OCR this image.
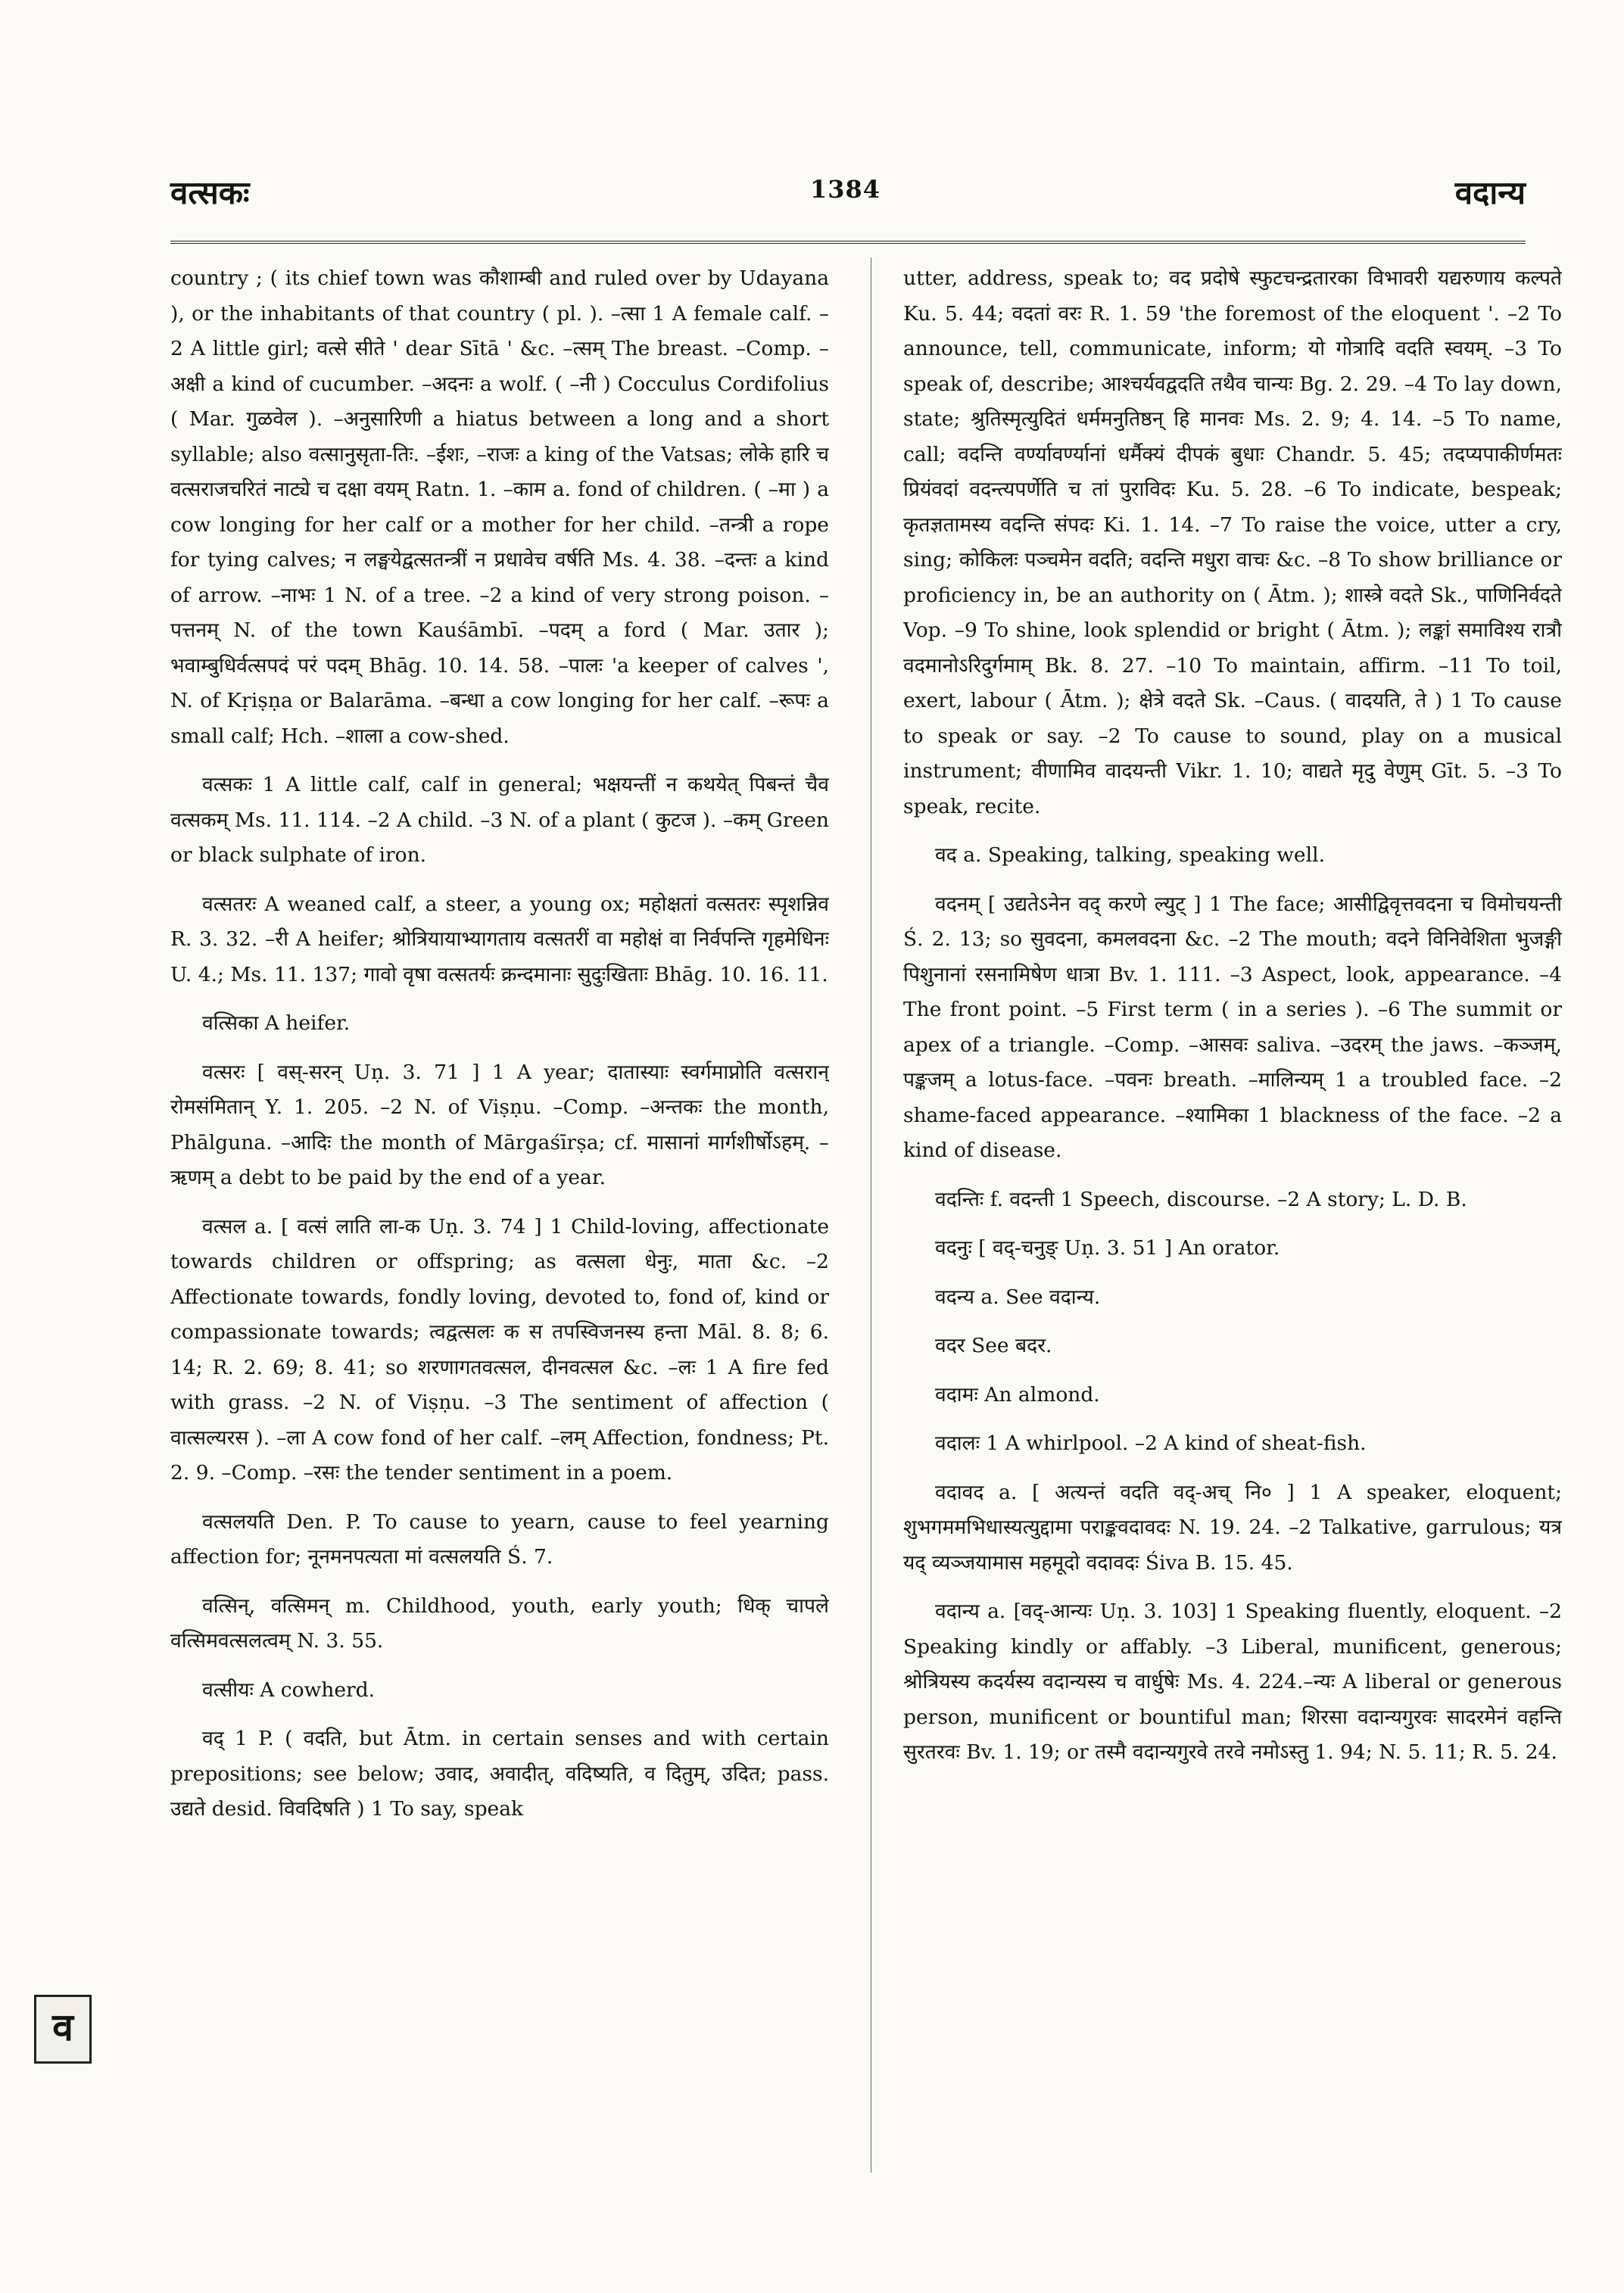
वत्सकः	1384	वदान्य

country ; ( its chief town was कौशाम्बी and ruled over by Udayana ), or the inhabitants of that country ( pl. ). –त्सा 1 A female calf. –2 A little girl; वत्से सीते ' dear Sītā ' &c. –त्सम् The breast. –Comp. –अक्षी a kind of cucumber. –अदनः a wolf. ( –नी ) Cocculus Cordifolius ( Mar. गुळवेल ). –अनुसारिणी a hiatus between a long and a short syllable; also वत्सानुसृता-तिः. –ईशः, –राजः a king of the Vatsas; लोके हारि च वत्सराजचरितं नाट्ये च दक्षा वयम् Ratn. 1. –काम a. fond of children. ( –मा ) a cow longing for her calf or a mother for her child. –तन्त्री a rope for tying calves; न लङ्घयेद्वत्सतन्त्रीं न प्रधावेच वर्षति Ms. 4. 38. –दन्तः a kind of arrow. –नाभः 1 N. of a tree. –2 a kind of very strong poison. –पत्तनम् N. of the town Kauśāmbī. –पदम् a ford ( Mar. उतार ); भवाम्बुधिर्वत्सपदं परं पदम् Bhāg. 10. 14. 58. –पालः 'a keeper of calves ', N. of Kṛiṣṇa or Balarāma. –बन्धा a cow longing for her calf. –रूपः a small calf; Hch. –शाला a cow-shed.

वत्सकः 1 A little calf, calf in general; भक्षयन्तीं न कथयेत् पिबन्तं चैव वत्सकम् Ms. 11. 114. –2 A child. –3 N. of a plant ( कुटज ). –कम् Green or black sulphate of iron.

वत्सतरः A weaned calf, a steer, a young ox; महोक्षतां वत्सतरः स्पृशन्निव R. 3. 32. –री A heifer; श्रोत्रियायाभ्यागताय वत्सतरीं वा महोक्षं वा निर्वपन्ति गृहमेधिनः U. 4.; Ms. 11. 137; गावो वृषा वत्सतर्यः क्रन्दमानाः सुदुःखिताः Bhāg. 10. 16. 11.

वत्सिका A heifer.

वत्सरः [ वस्-सरन् Uṇ. 3. 71 ] 1 A year; दातास्याः स्वर्गमाप्नोति वत्सरान् रोमसंमितान् Y. 1. 205. –2 N. of Viṣṇu. –Comp. –अन्तकः the month, Phālguna. –आदिः the month of Mārgaśīrṣa; cf. मासानां मार्गशीर्षोऽहम्. –ऋणम् a debt to be paid by the end of a year.

वत्सल a. [ वत्सं लाति ला-क Uṇ. 3. 74 ] 1 Child-loving, affectionate towards children or offspring; as वत्सला धेनुः, माता &c. –2 Affectionate towards, fondly loving, devoted to, fond of, kind or compassionate towards; त्वद्वत्सलः क स तपस्विजनस्य हन्ता Māl. 8. 8; 6. 14; R. 2. 69; 8. 41; so शरणागतवत्सल, दीनवत्सल &c. –लः 1 A fire fed with grass. –2 N. of Viṣṇu. –3 The sentiment of affection ( वात्सल्यरस ). –ला A cow fond of her calf. –लम् Affection, fondness; Pt. 2. 9. –Comp. –रसः the tender sentiment in a poem.

वत्सलयति Den. P. To cause to yearn, cause to feel yearning affection for; नूनमनपत्यता मां वत्सलयति Ś. 7.

वत्सिन्, वत्सिमन् m. Childhood, youth, early youth; धिक् चापले वत्सिमवत्सलत्वम् N. 3. 55.

वत्सीयः A cowherd.

वद् 1 P. ( वदति, but Ātm. in certain senses and with certain prepositions; see below; उवाद, अवादीत्, वदिष्यति, व दितुम्, उदित; pass. उद्यते desid. विवदिषति ) 1 To say, speak

utter, address, speak to; वद प्रदोषे स्फुटचन्द्रतारका विभावरी यद्यरुणाय कल्पते Ku. 5. 44; वदतां वरः R. 1. 59 'the foremost of the eloquent '. –2 To announce, tell, communicate, inform; यो गोत्रादि वदति स्वयम्. –3 To speak of, describe; आश्चर्यवद्वदति तथैव चान्यः Bg. 2. 29. –4 To lay down, state; श्रुतिस्मृत्युदितं धर्ममनुतिष्ठन् हि मानवः Ms. 2. 9; 4. 14. –5 To name, call; वदन्ति वर्ण्यावर्ण्यानां धर्मैक्यं दीपकं बुधाः Chandr. 5. 45; तदप्यपाकीर्णमतः प्रियंवदां वदन्त्यपर्णेति च तां पुराविदः Ku. 5. 28. –6 To indicate, bespeak; कृतज्ञतामस्य वदन्ति संपदः Ki. 1. 14. –7 To raise the voice, utter a cry, sing; कोकिलः पञ्चमेन वदति; वदन्ति मधुरा वाचः &c. –8 To show brilliance or proficiency in, be an authority on ( Ātm. ); शास्त्रे वदते Sk., पाणिनिर्वदते Vop. –9 To shine, look splendid or bright ( Ātm. ); लङ्कां समाविश्य रात्रौ वदमानोऽरिदुर्गमाम् Bk. 8. 27. –10 To maintain, affirm. –11 To toil, exert, labour ( Ātm. ); क्षेत्रे वदते Sk. –Caus. ( वादयति, ते ) 1 To cause to speak or say. –2 To cause to sound, play on a musical instrument; वीणामिव वादयन्ती Vikr. 1. 10; वाद्यते मृदु वेणुम् Gīt. 5. –3 To speak, recite.

वद a. Speaking, talking, speaking well.

वदनम् [ उद्यतेऽनेन वद् करणे ल्युट् ] 1 The face; आसीद्विवृत्तवदना च विमोचयन्ती Ś. 2. 13; so सुवदना, कमलवदना &c. –2 The mouth; वदने विनिवेशिता भुजङ्गी पिशुनानां रसनामिषेण धात्रा Bv. 1. 111. –3 Aspect, look, appearance. –4 The front point. –5 First term ( in a series ). –6 The summit or apex of a triangle. –Comp. –आसवः saliva. –उदरम् the jaws. –कञ्जम्, पङ्कजम् a lotus-face. –पवनः breath. –मालिन्यम् 1 a troubled face. –2 shame-faced appearance. –श्यामिका 1 blackness of the face. –2 a kind of disease.

वदन्तिः f. वदन्ती 1 Speech, discourse. –2 A story; L. D. B.

वदनुः [ वद्-चनुङ् Uṇ. 3. 51 ] An orator.

वदन्य a. See वदान्य.

वदर See बदर.

वदामः An almond.

वदालः 1 A whirlpool. –2 A kind of sheat-fish.

वदावद a. [ अत्यन्तं वदति वद्-अच् नि० ] 1 A speaker, eloquent; शुभगममभिधास्यत्युद्दामा पराङ्कवदावदः N. 19. 24. –2 Talkative, garrulous; यत्र यद् व्यञ्जयामास महमूदो वदावदः Śiva B. 15. 45.

वदान्य a. [वद्-आन्यः Uṇ. 3. 103] 1 Speaking fluently, eloquent. –2 Speaking kindly or affably. –3 Liberal, munificent, generous; श्रोत्रियस्य कदर्यस्य वदान्यस्य च वार्धुषेः Ms. 4. 224.–न्यः A liberal or generous person, munificent or bountiful man; शिरसा वदान्यगुरवः सादरमेनं वहन्ति सुरतरवः Bv. 1. 19; or तस्मै वदान्यगुरवे तरवे नमोऽस्तु 1. 94; N. 5. 11; R. 5. 24.

व
